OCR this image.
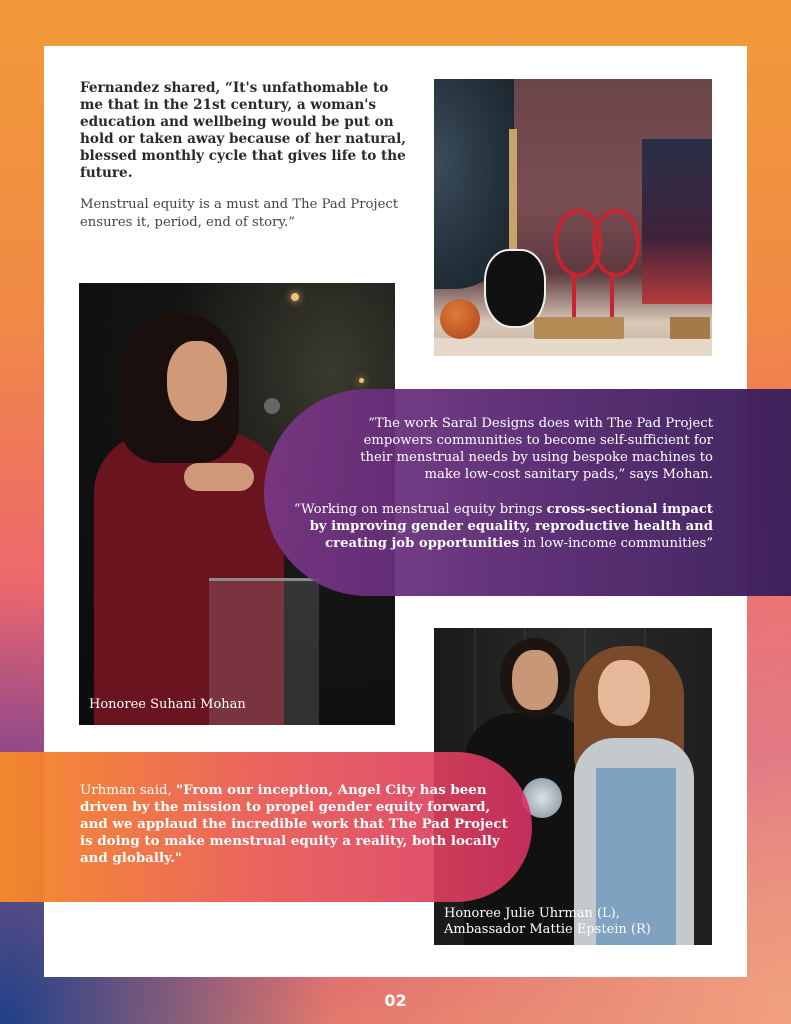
Fernandez shared, “It's unfathomable to me that in the 21st century, a woman's education and wellbeing would be put on hold or taken away because of her natural, blessed monthly cycle that gives life to the future.

Menstrual equity is a must and The Pad Project ensures it, period, end of story.”

Honoree Suhani Mohan
Honoree Julie Uhrman (L),
Ambassador Mattie Epstein (R)

“The work Saral Designs does with The Pad Project empowers communities to become self-sufficient for their menstrual needs by using bespoke machines to make low-cost sanitary pads,” says Mohan.

“Working on menstrual equity brings cross-sectional impact by improving gender equality, reproductive health and creating job opportunities in low-income communities”

Urhman said, "From our inception, Angel City has been driven by the mission to propel gender equity forward, and we applaud the incredible work that The Pad Project is doing to make menstrual equity a reality, both locally and globally."

02
